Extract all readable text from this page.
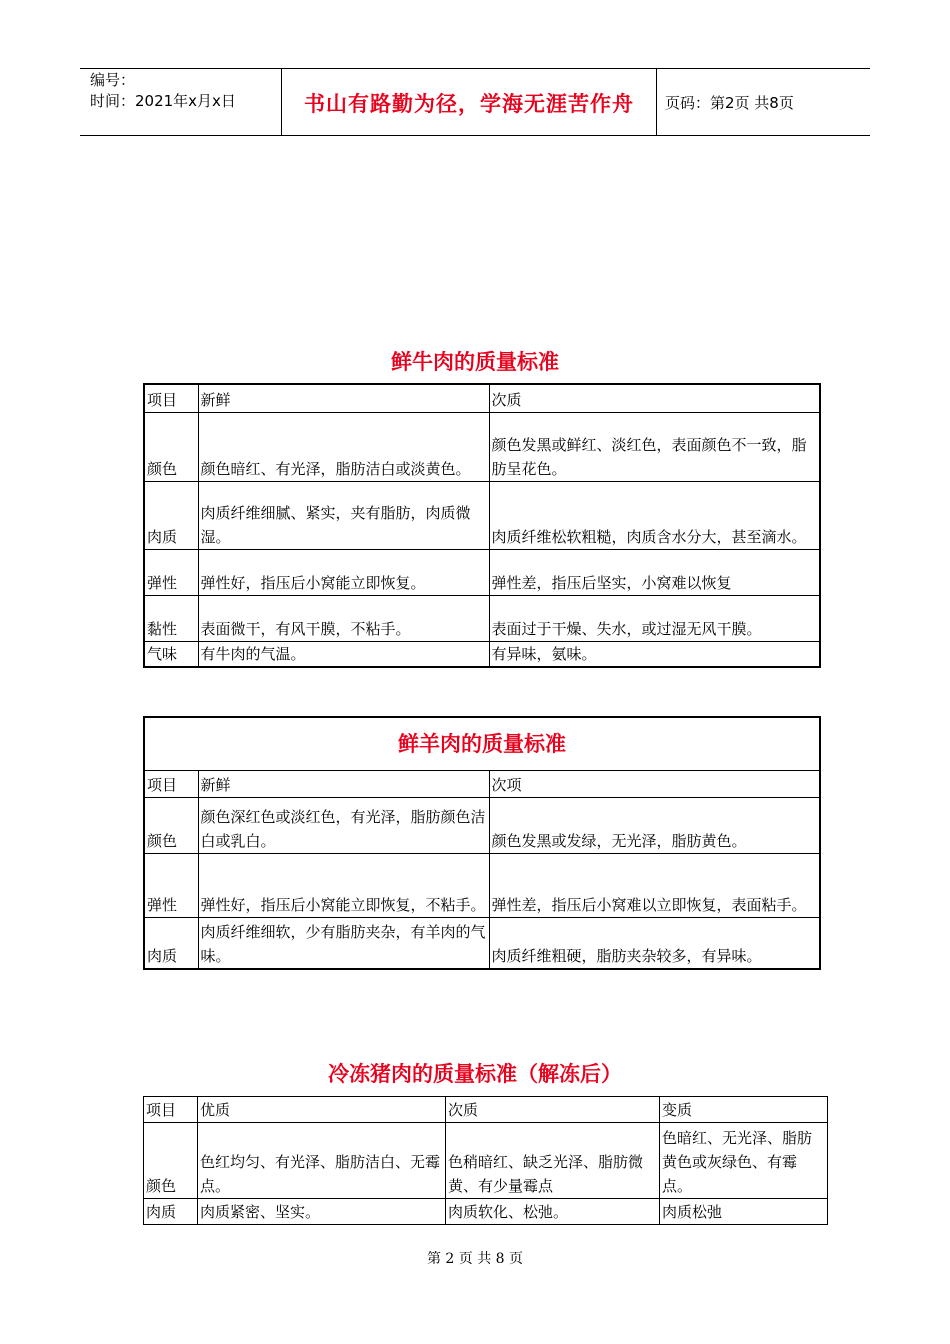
编号：
时间：2021年x月x日	书山有路勤为径，学海无涯苦作舟	页码：第2页 共8页
鲜牛肉的质量标准
项目	新鲜	次质
颜色	颜色暗红、有光泽，脂肪洁白或淡黄色。	颜色发黑或鲜红、淡红色，表面颜色不一致，脂肪呈花色。
肉质	肉质纤维细腻、紧实，夹有脂肪，肉质微湿。	肉质纤维松软粗糙，肉质含水分大，甚至滴水。
弹性	弹性好，指压后小窝能立即恢复。	弹性差，指压后坚实，小窝难以恢复
黏性	表面微干，有风干膜，不粘手。	表面过于干燥、失水，或过湿无风干膜。
气味	有牛肉的气温。	有异味，氨味。
鲜羊肉的质量标准		
项目	新鲜	次项
颜色	颜色深红色或淡红色，有光泽，脂肪颜色洁白或乳白。	颜色发黑或发绿，无光泽，脂肪黄色。
弹性	弹性好，指压后小窝能立即恢复，不粘手。	弹性差，指压后小窝难以立即恢复，表面粘手。
肉质	肉质纤维细软，少有脂肪夹杂，有羊肉的气味。	肉质纤维粗硬，脂肪夹杂较多，有异味。
冷冻猪肉的质量标准（解冻后）
项目	优质	次质	变质
颜色	色红均匀、有光泽、脂肪洁白、无霉点。	色稍暗红、缺乏光泽、脂肪微黄、有少量霉点	色暗红、无光泽、脂肪黄色或灰绿色、有霉点。
肉质	肉质紧密、坚实。	肉质软化、松弛。	肉质松弛
第 2 页 共 8 页
